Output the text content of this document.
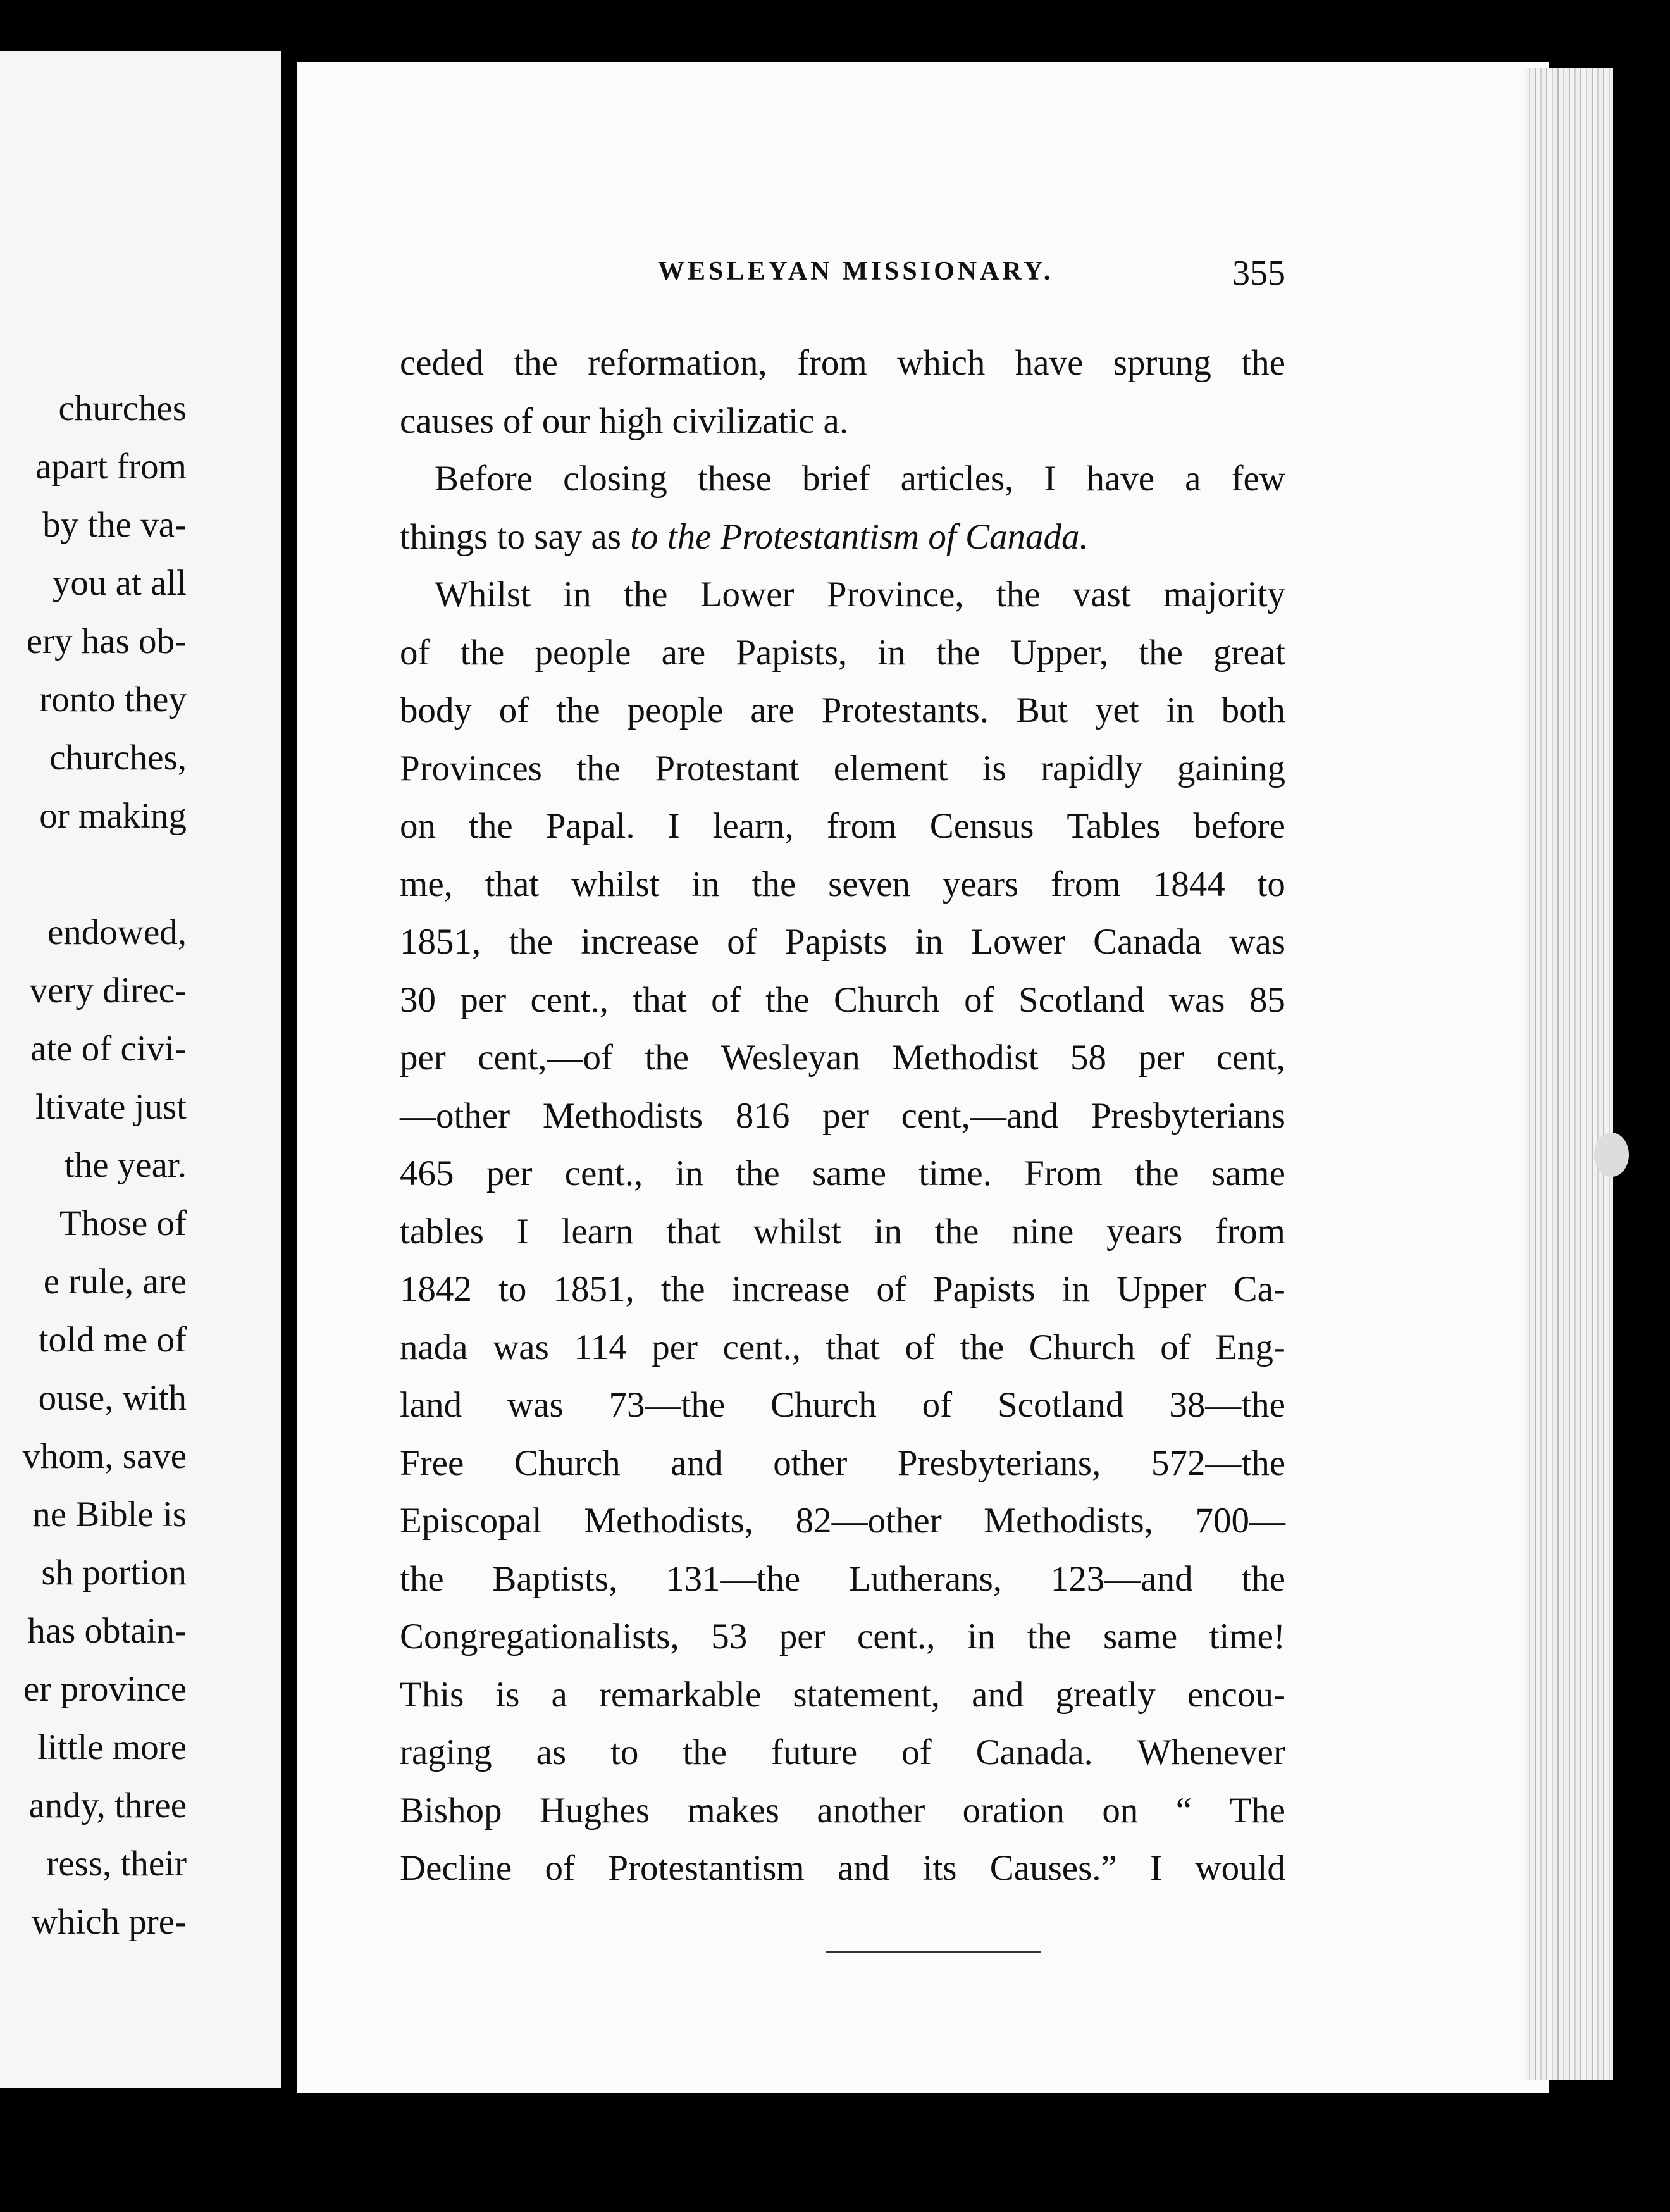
churches
apart from
by the va-
you at all
ery has ob-
ronto they
churches,
or making
endowed,
very direc-
ate of civi-
ltivate just
the year.
Those of
e rule, are
told me of
ouse, with
vhom, save
ne Bible is
sh portion
has obtain-
er province
little more
andy, three
ress, their
which pre-
WESLEYAN MISSIONARY.	355
ceded the reformation, from which have sprung the
causes of our high civilizatic a.
Before closing these brief articles, I have a few
things to say as
to the Protestantism of Canada.
Whilst in the Lower Province, the vast majority
of the people are Papists, in the Upper, the great
body of the people are Protestants. But yet in both
Provinces the Protestant element is rapidly gaining
on the Papal. I learn, from Census Tables before
me, that whilst in the seven years from 1844 to
1851, the increase of Papists in Lower Canada was
30 per cent., that of the Church of Scotland was 85
per cent,—of the Wesleyan Methodist 58 per cent,
—other Methodists 816 per cent,—and Presbyterians
465 per cent., in the same time. From the same
tables I learn that whilst in the nine years from
1842 to 1851, the increase of Papists in Upper Ca-
nada was 114 per cent., that of the Church of Eng-
land was 73—the Church of Scotland 38—the
Free Church and other Presbyterians, 572—the
Episcopal Methodists, 82—other Methodists, 700—
the Baptists, 131—the Lutherans, 123—and the
Congregationalists, 53 per cent., in the same time!
This is a remarkable statement, and greatly encou-
raging as to the future of Canada. Whenever
Bishop Hughes makes another oration on “ The
Decline of Protestantism and its Causes.” I would
